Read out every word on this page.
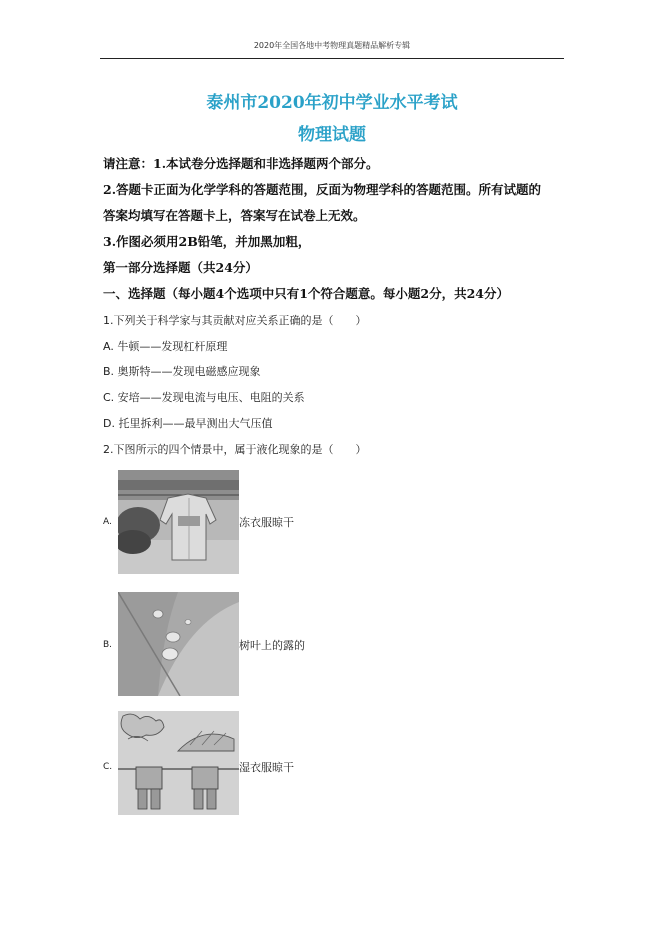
2020年全国各地中考物理真题精品解析专辑
泰州市2020年初中学业水平考试
物理试题
请注意：1.本试卷分选择题和非选择题两个部分。
2.答题卡正面为化学学科的答题范围，反面为物理学科的答题范围。所有试题的
答案均填写在答题卡上，答案写在试卷上无效。
3.作图必须用2B铅笔，并加黑加粗，
第一部分选择题（共24分）
一、选择题（每小题4个选项中只有1个符合题意。每小题2分，共24分）
1.下列关于科学家与其贡献对应关系正确的是（　　）
A. 牛顿——发现杠杆原理
B. 奥斯特——发现电磁感应现象
C. 安培——发现电流与电压、电阻的关系
D. 托里拆利——最早测出大气压值
2.下图所示的四个情景中，属于液化现象的是（　　）
A.	冻衣服晾干
B.	树叶上的露的
C.	湿衣服晾干
